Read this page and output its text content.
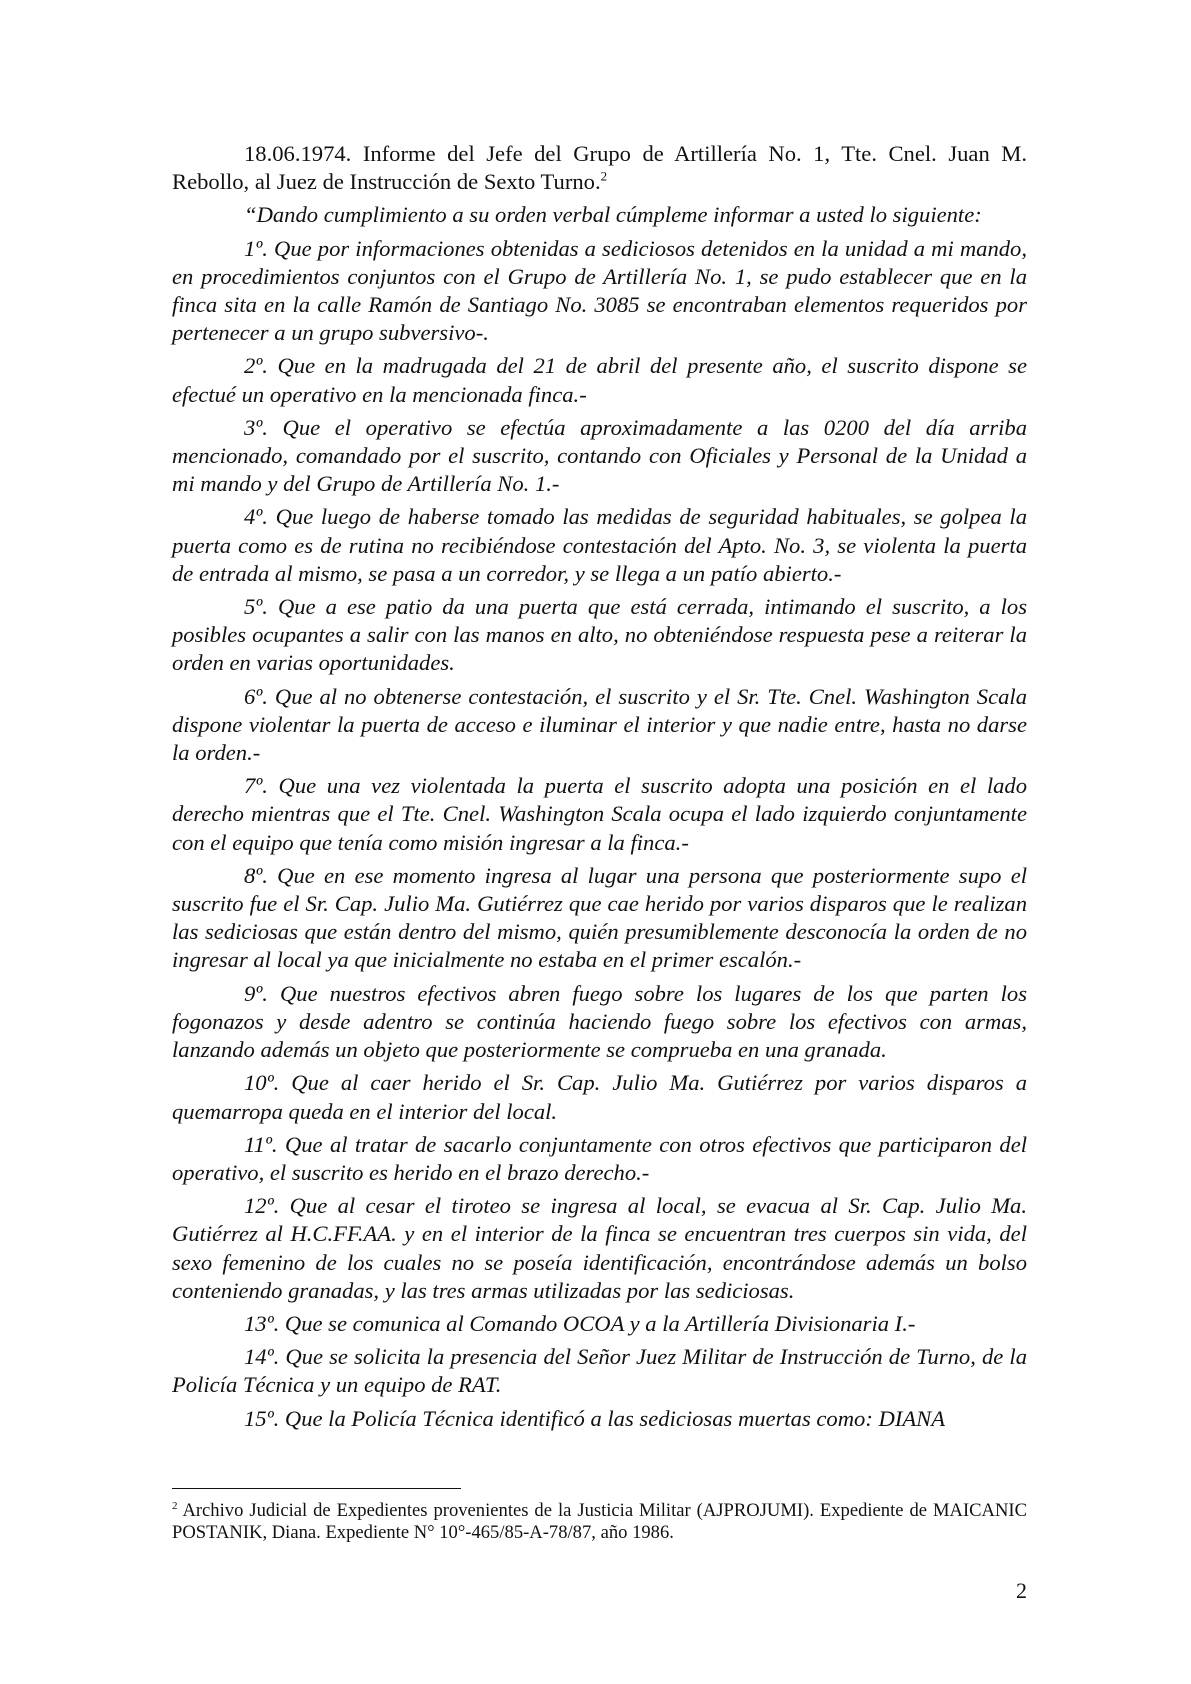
18.06.1974. Informe del Jefe del Grupo de Artillería No. 1, Tte. Cnel. Juan M. Rebollo, al Juez de Instrucción de Sexto Turno.$^2$

“Dando cumplimiento a su orden verbal cúmpleme informar a usted lo siguiente:

1º. Que por informaciones obtenidas a sediciosos detenidos en la unidad a mi mando, en procedimientos conjuntos con el Grupo de Artillería No. 1, se pudo establecer que en la finca sita en la calle Ramón de Santiago No. 3085 se encontraban elementos requeridos por pertenecer a un grupo subversivo-.

2º. Que en la madrugada del 21 de abril del presente año, el suscrito dispone se efectué un operativo en la mencionada finca.-

3º. Que el operativo se efectúa aproximadamente a las 0200 del día arriba mencionado, comandado por el suscrito, contando con Oficiales y Personal de la Unidad a mi mando y del Grupo de Artillería No. 1.-

4º. Que luego de haberse tomado las medidas de seguridad habituales, se golpea la puerta como es de rutina no recibiéndose contestación del Apto. No. 3, se violenta la puerta de entrada al mismo, se pasa a un corredor, y se llega a un patío abierto.-

5º. Que a ese patio da una puerta que está cerrada, intimando el suscrito, a los posibles ocupantes a salir con las manos en alto, no obteniéndose respuesta pese a reiterar la orden en varias oportunidades.

6º. Que al no obtenerse contestación, el suscrito y el Sr. Tte. Cnel. Washington Scala dispone violentar la puerta de acceso e iluminar el interior y que nadie entre, hasta no darse la orden.-

7º. Que una vez violentada la puerta el suscrito adopta una posición en el lado derecho mientras que el Tte. Cnel. Washington Scala ocupa el lado izquierdo conjuntamente con el equipo que tenía como misión ingresar a la finca.-

8º. Que en ese momento ingresa al lugar una persona que posteriormente supo el suscrito fue el Sr. Cap. Julio Ma. Gutiérrez que cae herido por varios disparos que le realizan las sediciosas que están dentro del mismo, quién presumiblemente desconocía la orden de no ingresar al local ya que inicialmente no estaba en el primer escalón.-

9º. Que nuestros efectivos abren fuego sobre los lugares de los que parten los fogonazos y desde adentro se continúa haciendo fuego sobre los efectivos con armas, lanzando además un objeto que posteriormente se comprueba en una granada.

10º. Que al caer herido el Sr. Cap. Julio Ma. Gutiérrez por varios disparos a quemarropa queda en el interior del local.

11º. Que al tratar de sacarlo conjuntamente con otros efectivos que participaron del operativo, el suscrito es herido en el brazo derecho.-

12º. Que al cesar el tiroteo se ingresa al local, se evacua al Sr. Cap. Julio Ma. Gutiérrez al H.C.FF.AA. y en el interior de la finca se encuentran tres cuerpos sin vida, del sexo femenino de los cuales no se poseía identificación, encontrándose además un bolso conteniendo granadas, y las tres armas utilizadas por las sediciosas.

13º. Que se comunica al Comando OCOA y a la Artillería Divisionaria I.-

14º. Que se solicita la presencia del Señor Juez Militar de Instrucción de Turno, de la Policía Técnica y un equipo de RAT.

15º. Que la Policía Técnica identificó a las sediciosas muertas como: DIANA

$^2$ Archivo Judicial de Expedientes provenientes de la Justicia Militar (AJPROJUMI). Expediente de MAICANIC POSTANIK, Diana. Expediente N° 10°-465/85-A-78/87, año 1986.

2
